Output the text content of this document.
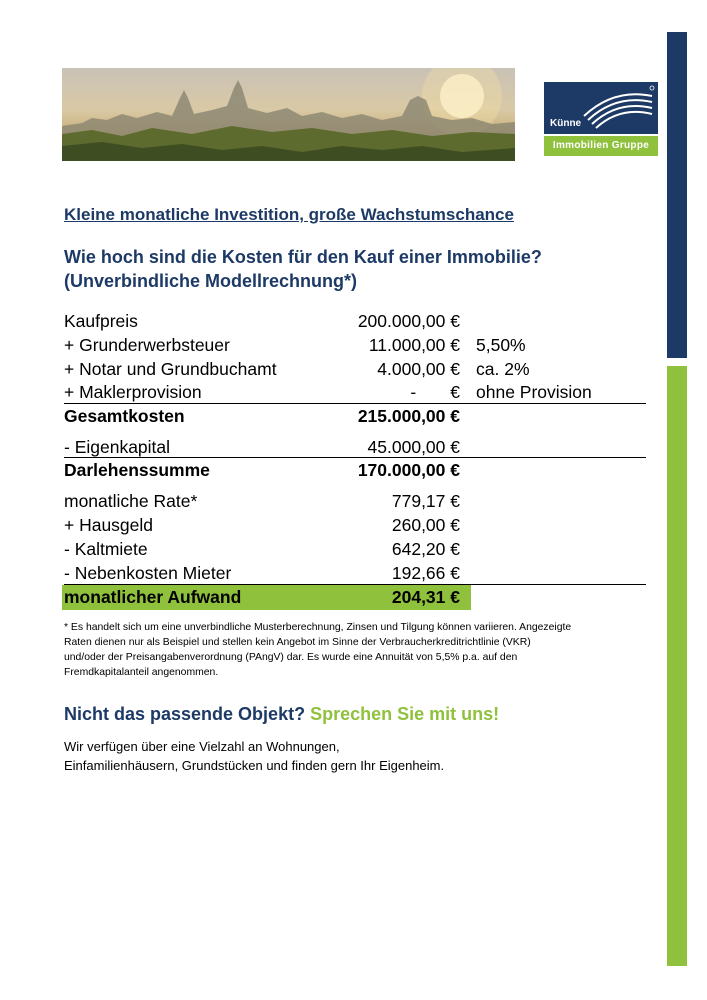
Künne
Immobilien Gruppe
Kleine monatliche Investition, große Wachstumschance
Wie hoch sind die Kosten für den Kauf einer Immobilie?
(Unverbindliche Modellrechnung*)
Kaufpreis	200.000,00 €
+ Grunderwerbsteuer	11.000,00 € 5,50%
+ Notar und Grundbuchamt	4.000,00 € ca. 2%
+ Maklerprovision	-       € ohne Provision
Gesamtkosten	215.000,00 €
- Eigenkapital	45.000,00 €
Darlehenssumme	170.000,00 €
monatliche Rate*	779,17 €
+ Hausgeld	260,00 €
- Kaltmiete	642,20 €
- Nebenkosten Mieter	192,66 €
monatlicher Aufwand	204,31 €
* Es handelt sich um eine unverbindliche Musterberechnung, Zinsen und Tilgung können variieren. Angezeigte
Raten dienen nur als Beispiel und stellen kein Angebot im Sinne der Verbraucherkreditrichtlinie (VKR)
und/oder der Preisangabenverordnung (PAngV) dar. Es wurde eine Annuität von 5,5% p.a. auf den
Fremdkapitalanteil angenommen.
Nicht das passende Objekt? Sprechen Sie mit uns!
Wir verfügen über eine Vielzahl an Wohnungen,
Einfamilienhäusern, Grundstücken und finden gern Ihr Eigenheim.
